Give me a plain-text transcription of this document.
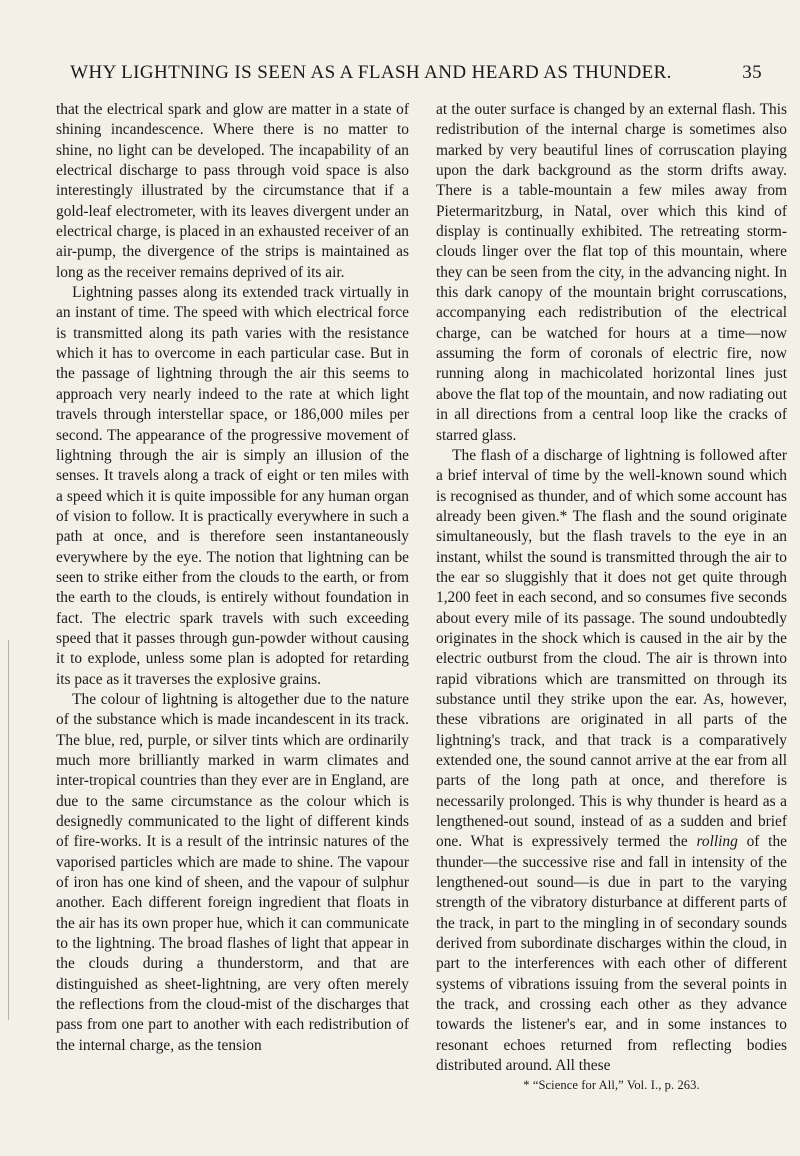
WHY LIGHTNING IS SEEN AS A FLASH AND HEARD AS THUNDER.	35

that the electrical spark and glow are matter in a state of shining incandescence. Where there is no matter to shine, no light can be developed. The incapability of an electrical discharge to pass through void space is also interestingly illustrated by the circumstance that if a gold-leaf electrometer, with its leaves divergent under an electrical charge, is placed in an exhausted receiver of an air-pump, the divergence of the strips is maintained as long as the receiver remains deprived of its air.

Lightning passes along its extended track virtually in an instant of time. The speed with which electrical force is transmitted along its path varies with the resistance which it has to overcome in each particular case. But in the passage of lightning through the air this seems to approach very nearly indeed to the rate at which light travels through interstellar space, or 186,000 miles per second. The appearance of the progressive movement of lightning through the air is simply an illusion of the senses. It travels along a track of eight or ten miles with a speed which it is quite impossible for any human organ of vision to follow. It is practically everywhere in such a path at once, and is therefore seen instantaneously everywhere by the eye. The notion that lightning can be seen to strike either from the clouds to the earth, or from the earth to the clouds, is entirely without foundation in fact. The electric spark travels with such exceeding speed that it passes through gun-powder without causing it to explode, unless some plan is adopted for retarding its pace as it traverses the explosive grains.

The colour of lightning is altogether due to the nature of the substance which is made incandescent in its track. The blue, red, purple, or silver tints which are ordinarily much more brilliantly marked in warm climates and inter-tropical countries than they ever are in England, are due to the same circumstance as the colour which is designedly communicated to the light of different kinds of fire-works. It is a result of the intrinsic natures of the vaporised particles which are made to shine. The vapour of iron has one kind of sheen, and the vapour of sulphur another. Each different foreign ingredient that floats in the air has its own proper hue, which it can communicate to the lightning. The broad flashes of light that appear in the clouds during a thunderstorm, and that are distinguished as sheet-lightning, are very often merely the reflections from the cloud-mist of the discharges that pass from one part to another with each redistribution of the internal charge, as the tension

at the outer surface is changed by an external flash. This redistribution of the internal charge is sometimes also marked by very beautiful lines of corruscation playing upon the dark background as the storm drifts away. There is a table-mountain a few miles away from Pietermaritzburg, in Natal, over which this kind of display is continually exhibited. The retreating storm-clouds linger over the flat top of this mountain, where they can be seen from the city, in the advancing night. In this dark canopy of the mountain bright corruscations, accompanying each redistribution of the electrical charge, can be watched for hours at a time—now assuming the form of coronals of electric fire, now running along in machicolated horizontal lines just above the flat top of the mountain, and now radiating out in all directions from a central loop like the cracks of starred glass.

The flash of a discharge of lightning is followed after a brief interval of time by the well-known sound which is recognised as thunder, and of which some account has already been given.* The flash and the sound originate simultaneously, but the flash travels to the eye in an instant, whilst the sound is transmitted through the air to the ear so sluggishly that it does not get quite through 1,200 feet in each second, and so consumes five seconds about every mile of its passage. The sound undoubtedly originates in the shock which is caused in the air by the electric outburst from the cloud. The air is thrown into rapid vibrations which are transmitted on through its substance until they strike upon the ear. As, however, these vibrations are originated in all parts of the lightning's track, and that track is a comparatively extended one, the sound cannot arrive at the ear from all parts of the long path at once, and therefore is necessarily prolonged. This is why thunder is heard as a lengthened-out sound, instead of as a sudden and brief one. What is expressively termed the rolling of the thunder—the successive rise and fall in intensity of the lengthened-out sound—is due in part to the varying strength of the vibratory disturbance at different parts of the track, in part to the mingling in of secondary sounds derived from subordinate discharges within the cloud, in part to the interferences with each other of different systems of vibrations issuing from the several points in the track, and crossing each other as they advance towards the listener's ear, and in some instances to resonant echoes returned from reflecting bodies distributed around. All these

* “Science for All,” Vol. I., p. 263.
